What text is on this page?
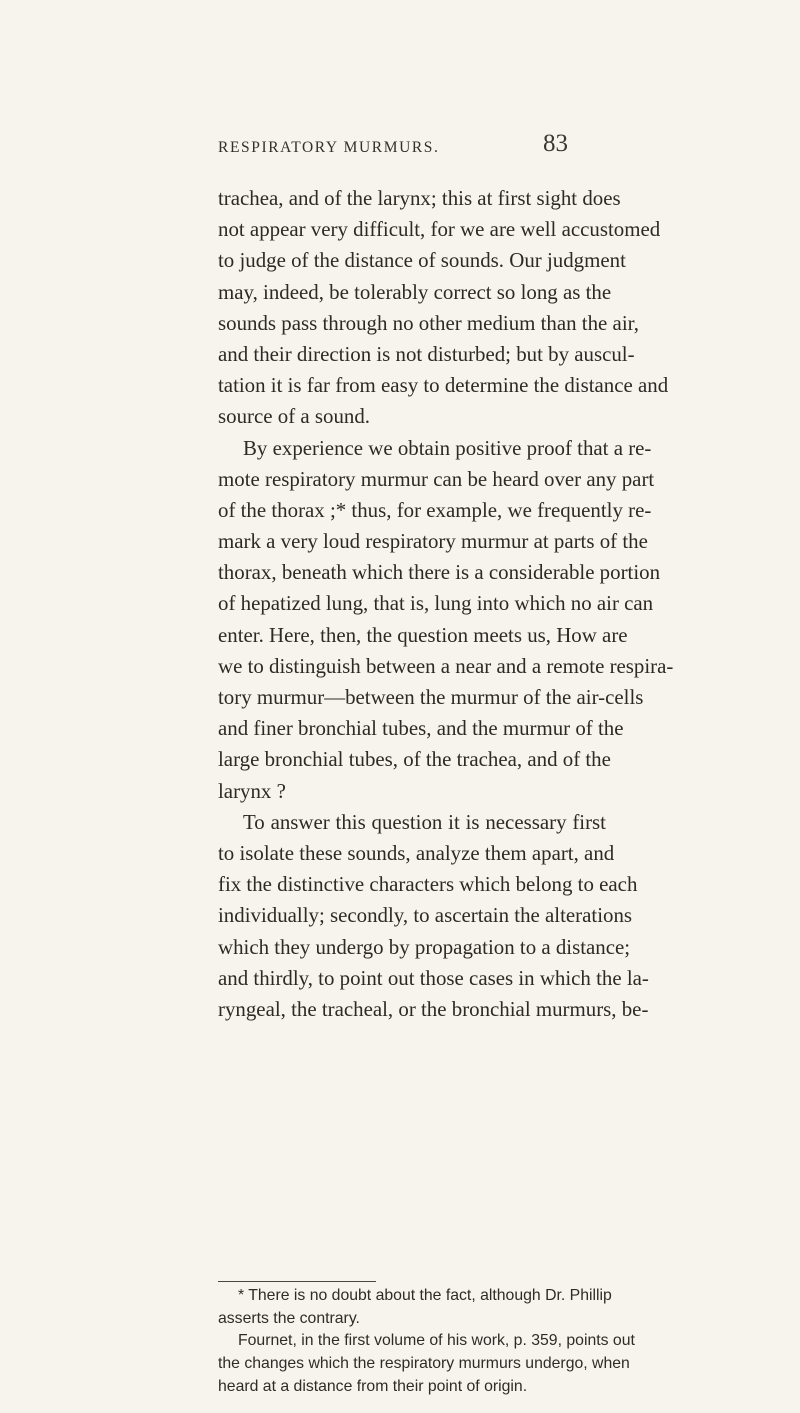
RESPIRATORY MURMURS.	83
trachea, and of the larynx; this at first sight does
not appear very difficult, for we are well accustomed
to judge of the distance of sounds. Our judgment
may, indeed, be tolerably correct so long as the
sounds pass through no other medium than the air,
and their direction is not disturbed; but by auscul-
tation it is far from easy to determine the distance and
source of a sound.
By experience we obtain positive proof that a re-
mote respiratory murmur can be heard over any part
of the thorax ;* thus, for example, we frequently re-
mark a very loud respiratory murmur at parts of the
thorax, beneath which there is a considerable portion
of hepatized lung, that is, lung into which no air can
enter. Here, then, the question meets us, How are
we to distinguish between a near and a remote respira-
tory murmur—between the murmur of the air-cells
and finer bronchial tubes, and the murmur of the
large bronchial tubes, of the trachea, and of the
larynx ?
To answer this question it is necessary first
to isolate these sounds, analyze them apart, and
fix the distinctive characters which belong to each
individually; secondly, to ascertain the alterations
which they undergo by propagation to a distance;
and thirdly, to point out those cases in which the la-
ryngeal, the tracheal, or the bronchial murmurs, be-
* There is no doubt about the fact, although Dr. Phillip
asserts the contrary.
Fournet, in the first volume of his work, p. 359, points out
the changes which the respiratory murmurs undergo, when
heard at a distance from their point of origin.
